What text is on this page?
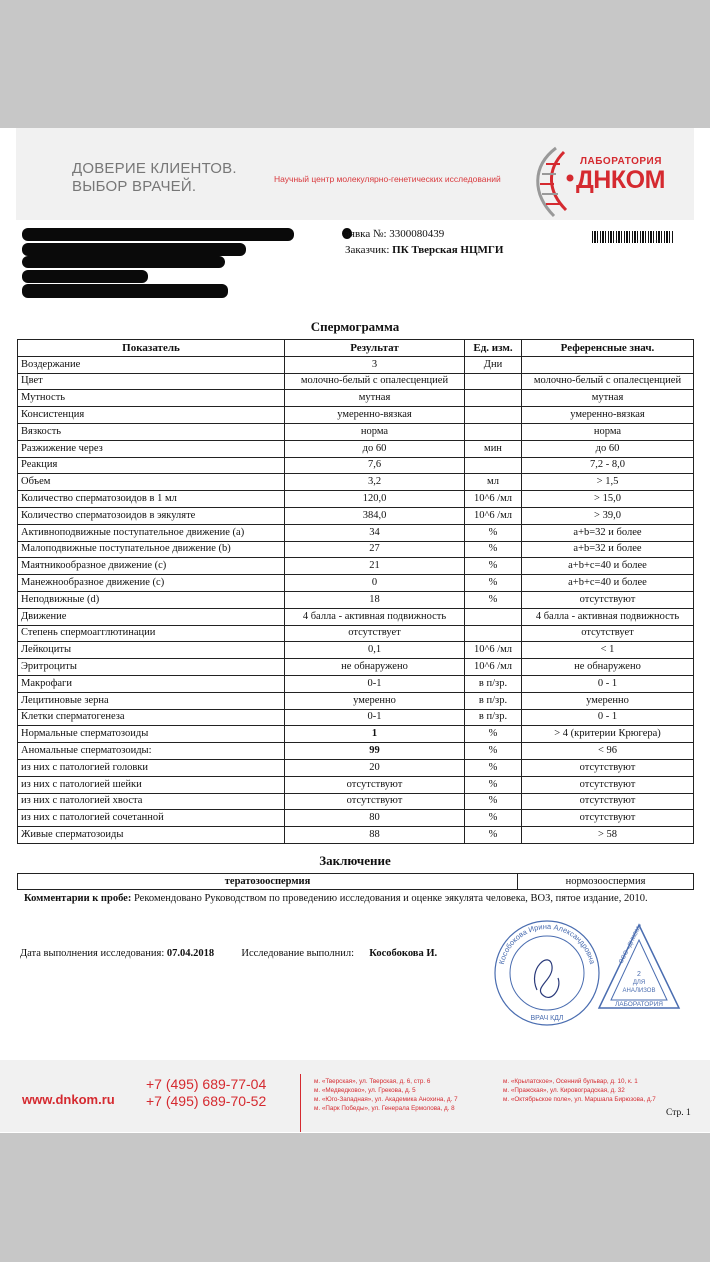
ДОВЕРИЕ КЛИЕНТОВ.
ВЫБОР ВРАЧЕЙ.	Научный центр молекулярно-генетических исследований
ЛАБОРАТОРИЯ
ДНКОМ
аявка №: 3300080439
Заказчик: ПК Тверская НЦМГИ
Спермограмма
Показатель	Результат	Ед. изм.	Референсные знач.
Воздержание	3	Дни	
Цвет	молочно-белый с опалесценцией		молочно-белый с опалесценцией
Мутность	мутная		мутная
Консистенция	умеренно-вязкая		умеренно-вязкая
Вязкость	норма		норма
Разжижение через	до 60	мин	до 60
Реакция	7,6		7,2 - 8,0
Объем	3,2	мл	> 1,5
Количество сперматозоидов в 1 мл	120,0	10^6 /мл	> 15,0
Количество сперматозоидов в эякуляте	384,0	10^6 /мл	> 39,0
Активноподвижные поступательное движение (а)	34	%	a+b=32 и более
Малоподвижные поступательное движение (b)	27	%	a+b=32 и более
Маятникообразное движение (c)	21	%	a+b+c=40 и более
Манежнообразное движение (c)	0	%	a+b+c=40 и более
Неподвижные (d)	18	%	отсутствуют
Движение	4 балла - активная подвижность		4 балла - активная подвижность
Степень спермоагглютинации	отсутствует		отсутствует
Лейкоциты	0,1	10^6 /мл	< 1
Эритроциты	не обнаружено	10^6 /мл	не обнаружено
Макрофаги	0-1	в п/зр.	0 - 1
Лецитиновые зерна	умеренно	в п/зр.	умеренно
Клетки сперматогенеза	0-1	в п/зр.	0 - 1
Нормальные сперматозоиды	1	%	> 4 (критерии Крюгера)
Аномальные сперматозоиды:	99	%	< 96
из них с патологией головки	20	%	отсутствуют
из них с патологией шейки	отсутствуют	%	отсутствуют
из них с патологией хвоста	отсутствуют	%	отсутствуют
из них с патологией сочетанной	80	%	отсутствуют
Живые сперматозоиды	88	%	> 58
Заключение
тератозооспермия	нормозооспермия
Комментарии к пробе: Рекомендовано Руководством по проведению исследования и оценке эякулята человека, ВОЗ, пятое издание, 2010.
Дата выполнения исследования: 07.04.2018	Исследование выполнил: Кособокова И.
Кособокова Ирина Александровна
ВРАЧ КДЛ
ООО «ДНКОМ»
2
ДЛЯ
АНАЛИЗОВ
ЛАБОРАТОРИЯ
www.dnkom.ru
+7 (495) 689-77-04
+7 (495) 689-70-52
м. «Тверская», ул. Тверская, д. 6, стр. 6
м. «Медведково», ул. Грекова, д. 5
м. «Юго-Западная», ул. Академика Анохина, д. 7
м. «Парк Победы», ул. Генерала Ермолова, д. 8
м. «Крылатское», Осенний бульвар, д. 10, к. 1
м. «Пражская», ул. Кировоградская, д. 32
м. «Октябрьское поле», ул. Маршала Бирюзова, д.7
Стр. 1
